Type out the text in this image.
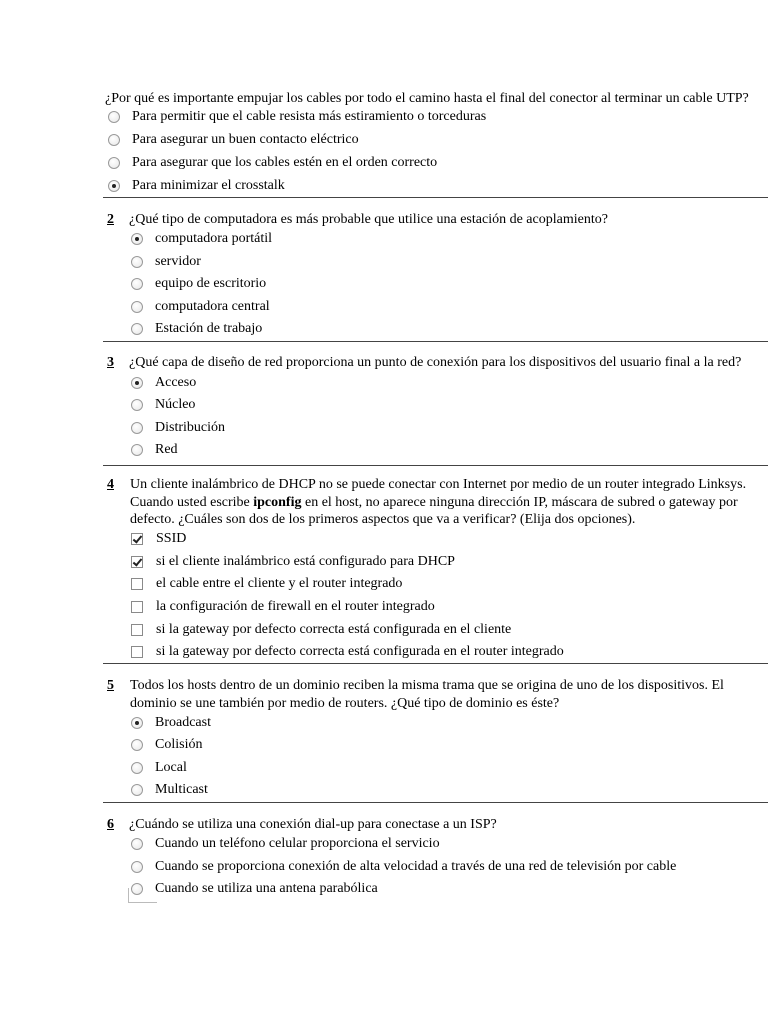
¿Por qué es importante empujar los cables por todo el camino hasta el final del conector al terminar un cable UTP?
Para permitir que el cable resista más estiramiento o torceduras
Para asegurar un buen contacto eléctrico
Para asegurar que los cables estén en el orden correcto
Para minimizar el crosstalk
2 ¿Qué tipo de computadora es más probable que utilice una estación de acoplamiento?
computadora portátil
servidor
equipo de escritorio
computadora central
Estación de trabajo
3 ¿Qué capa de diseño de red proporciona un punto de conexión para los dispositivos del usuario final a la red?
Acceso
Núcleo
Distribución
Red
4 Un cliente inalámbrico de DHCP no se puede conectar con Internet por medio de un router integrado Linksys.
Cuando usted escribe ipconfig en el host, no aparece ninguna dirección IP, máscara de subred o gateway por
defecto. ¿Cuáles son dos de los primeros aspectos que va a verificar? (Elija dos opciones).
SSID
si el cliente inalámbrico está configurado para DHCP
el cable entre el cliente y el router integrado
la configuración de firewall en el router integrado
si la gateway por defecto correcta está configurada en el cliente
si la gateway por defecto correcta está configurada en el router integrado
5 Todos los hosts dentro de un dominio reciben la misma trama que se origina de uno de los dispositivos. El
dominio se une también por medio de routers. ¿Qué tipo de dominio es éste?
Broadcast
Colisión
Local
Multicast
6 ¿Cuándo se utiliza una conexión dial-up para conectase a un ISP?
Cuando un teléfono celular proporciona el servicio
Cuando se proporciona conexión de alta velocidad a través de una red de televisión por cable
Cuando se utiliza una antena parabólica
